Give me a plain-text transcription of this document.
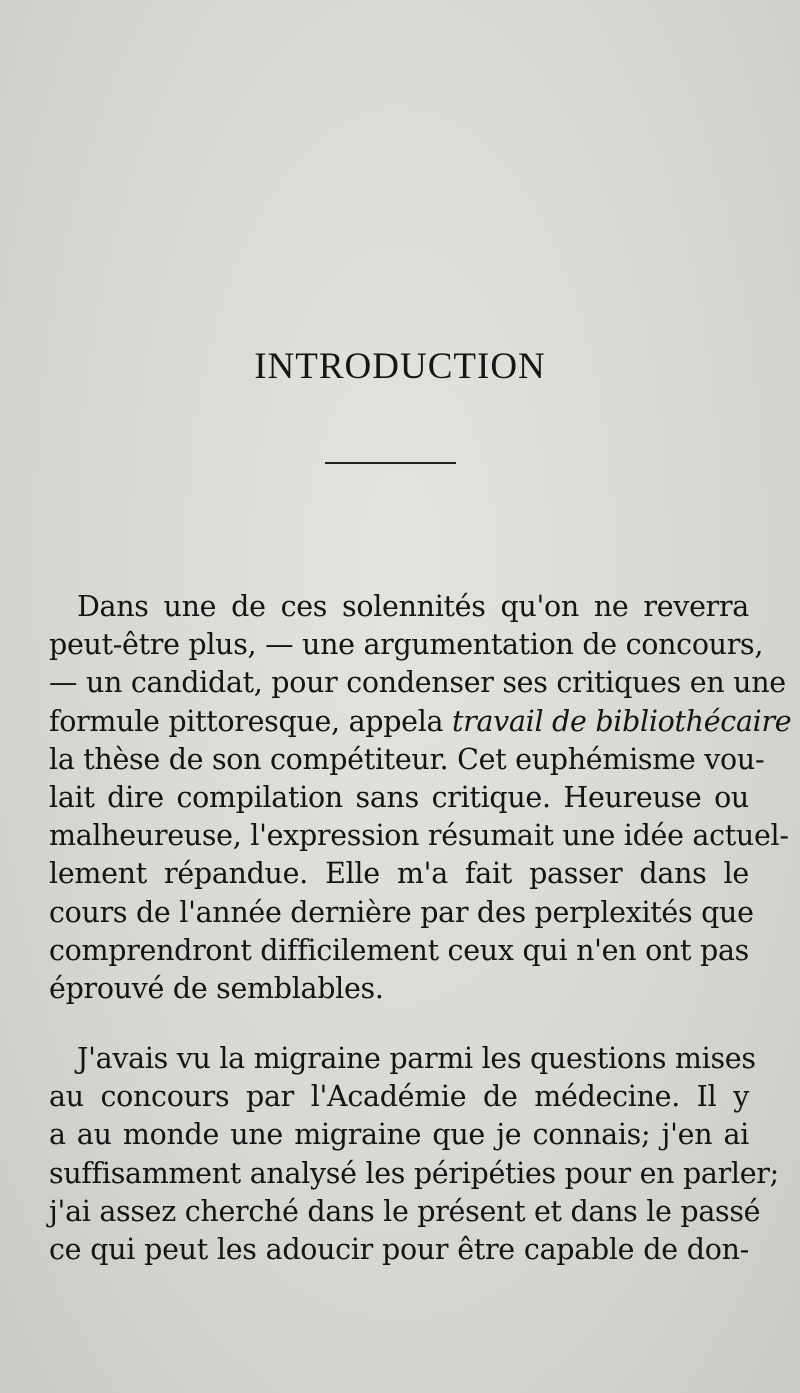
INTRODUCTION
Dans une de ces solennités qu'on ne reverra
peut-être plus, — une argumentation de concours,
— un candidat, pour condenser ses critiques en une
formule pittoresque, appela travail de bibliothécaire
la thèse de son compétiteur. Cet euphémisme vou-
lait dire compilation sans critique. Heureuse ou
malheureuse, l'expression résumait une idée actuel-
lement répandue. Elle m'a fait passer dans le
cours de l'année dernière par des perplexités que
comprendront difficilement ceux qui n'en ont pas
éprouvé de semblables.
J'avais vu la migraine parmi les questions mises
au concours par l'Académie de médecine. Il y
a au monde une migraine que je connais; j'en ai
suffisamment analysé les péripéties pour en parler;
j'ai assez cherché dans le présent et dans le passé
ce qui peut les adoucir pour être capable de don-
